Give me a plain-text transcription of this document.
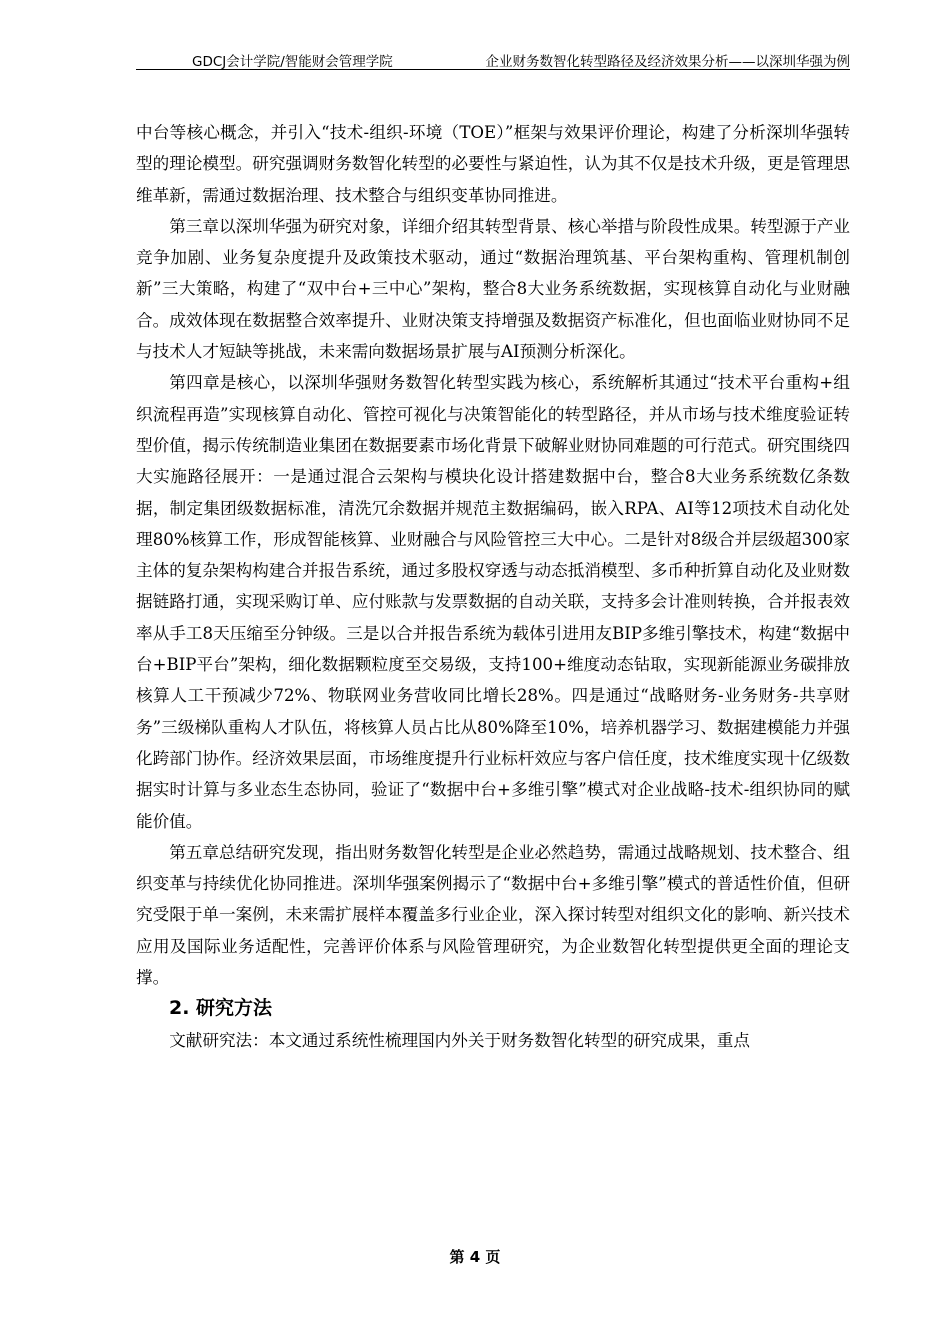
GDCJ会计学院/智能财会管理学院	企业财务数智化转型路径及经济效果分析——以深圳华强为例

中台等核心概念，并引入“技术-组织-环境（TOE）”框架与效果评价理论，构建了分析深圳华强转型的理论模型。研究强调财务数智化转型的必要性与紧迫性，认为其不仅是技术升级，更是管理思维革新，需通过数据治理、技术整合与组织变革协同推进。

第三章以深圳华强为研究对象，详细介绍其转型背景、核心举措与阶段性成果。转型源于产业竞争加剧、业务复杂度提升及政策技术驱动，通过“数据治理筑基、平台架构重构、管理机制创新”三大策略，构建了“双中台+三中心”架构，整合8大业务系统数据，实现核算自动化与业财融合。成效体现在数据整合效率提升、业财决策支持增强及数据资产标准化，但也面临业财协同不足与技术人才短缺等挑战，未来需向数据场景扩展与AI预测分析深化。

第四章是核心，以深圳华强财务数智化转型实践为核心，系统解析其通过“技术平台重构+组织流程再造”实现核算自动化、管控可视化与决策智能化的转型路径，并从市场与技术维度验证转型价值，揭示传统制造业集团在数据要素市场化背景下破解业财协同难题的可行范式。研究围绕四大实施路径展开：一是通过混合云架构与模块化设计搭建数据中台，整合8大业务系统数亿条数据，制定集团级数据标准，清洗冗余数据并规范主数据编码，嵌入RPA、AI等12项技术自动化处理80%核算工作，形成智能核算、业财融合与风险管控三大中心。二是针对8级合并层级超300家主体的复杂架构构建合并报告系统，通过多股权穿透与动态抵消模型、多币种折算自动化及业财数据链路打通，实现采购订单、应付账款与发票数据的自动关联，支持多会计准则转换，合并报表效率从手工8天压缩至分钟级。三是以合并报告系统为载体引进用友BIP多维引擎技术，构建“数据中台+BIP平台”架构，细化数据颗粒度至交易级，支持100+维度动态钻取，实现新能源业务碳排放核算人工干预减少72%、物联网业务营收同比增长28%。四是通过“战略财务-业务财务-共享财务”三级梯队重构人才队伍，将核算人员占比从80%降至10%，培养机器学习、数据建模能力并强化跨部门协作。经济效果层面，市场维度提升行业标杆效应与客户信任度，技术维度实现十亿级数据实时计算与多业态生态协同，验证了“数据中台+多维引擎”模式对企业战略-技术-组织协同的赋能价值。

第五章总结研究发现，指出财务数智化转型是企业必然趋势，需通过战略规划、技术整合、组织变革与持续优化协同推进。深圳华强案例揭示了“数据中台+多维引擎”模式的普适性价值，但研究受限于单一案例，未来需扩展样本覆盖多行业企业，深入探讨转型对组织文化的影响、新兴技术应用及国际业务适配性，完善评价体系与风险管理研究，为企业数智化转型提供更全面的理论支撑。

2. 研究方法

文献研究法：本文通过系统性梳理国内外关于财务数智化转型的研究成果，重点

第 4 页
